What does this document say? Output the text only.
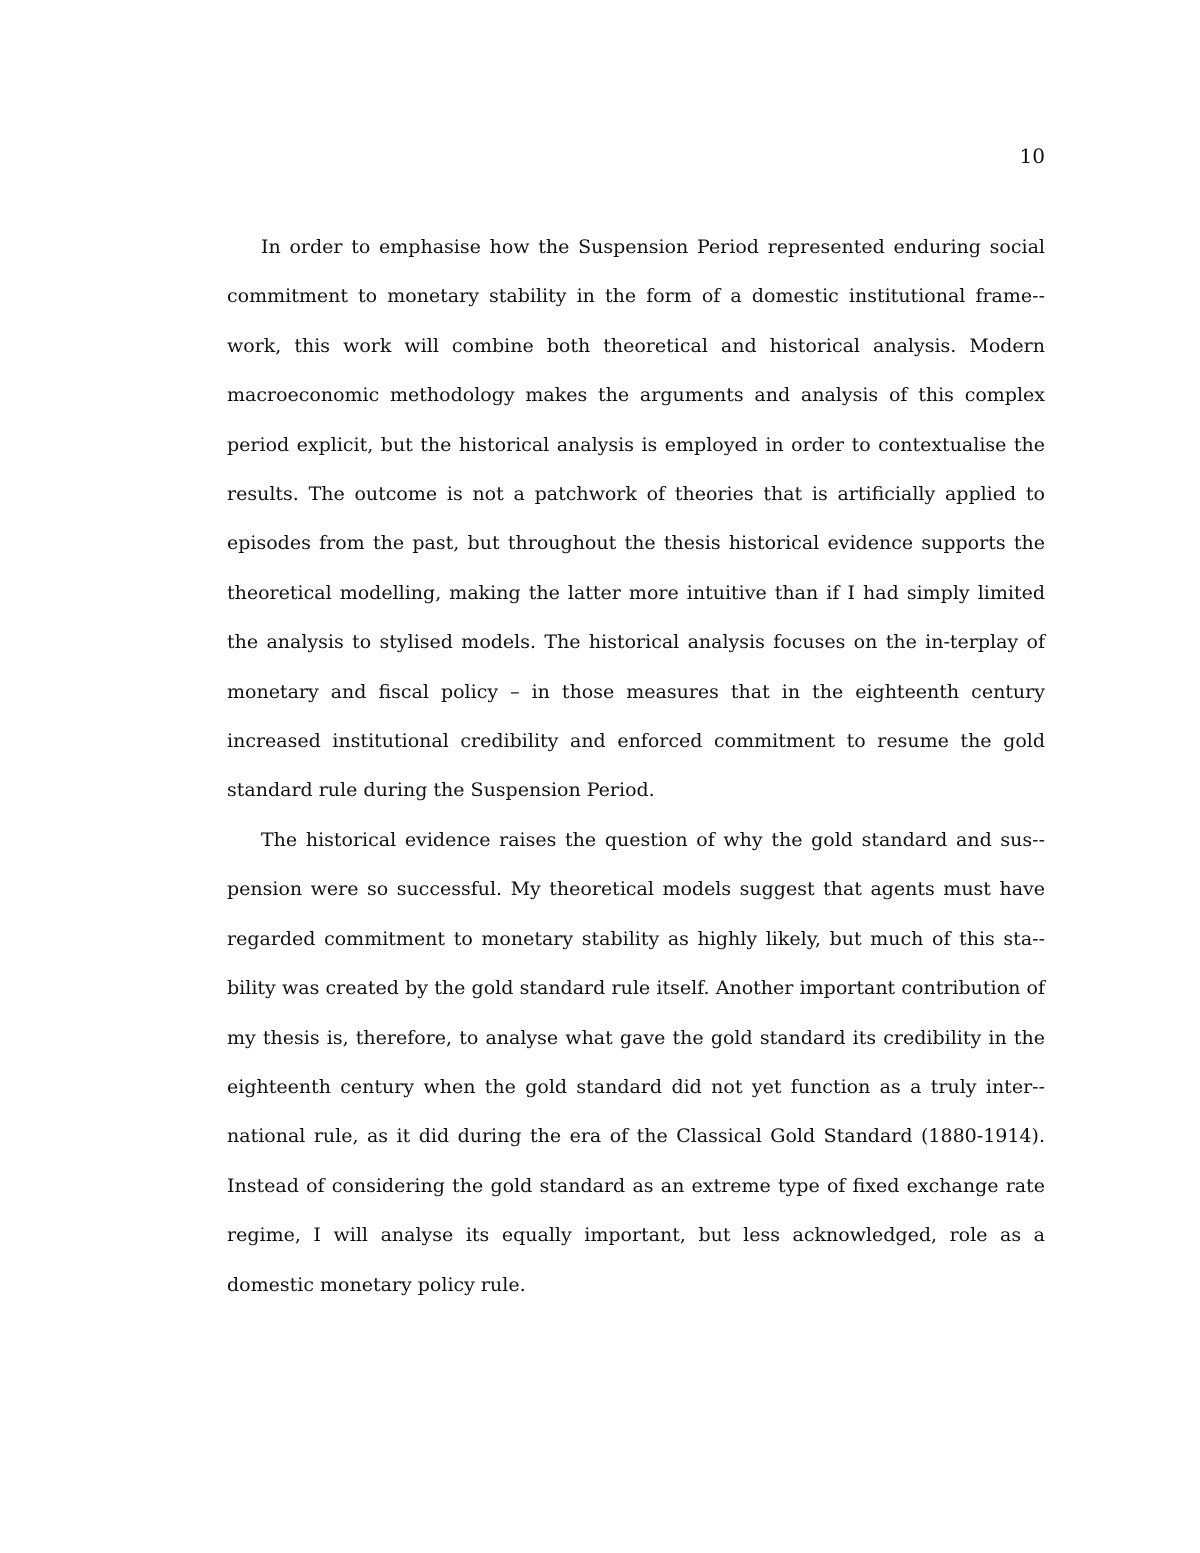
10

In order to emphasise how the Suspension Period represented enduring social commitment to monetary stability in the form of a domestic institutional frame-work, this work will combine both theoretical and historical analysis. Modern macroeconomic methodology makes the arguments and analysis of this complex period explicit, but the historical analysis is employed in order to contextualise the results. The outcome is not a patchwork of theories that is artificially applied to episodes from the past, but throughout the thesis historical evidence supports the theoretical modelling, making the latter more intuitive than if I had simply limited the analysis to stylised models. The historical analysis focuses on the in-terplay of monetary and fiscal policy – in those measures that in the eighteenth century increased institutional credibility and enforced commitment to resume the gold standard rule during the Suspension Period.

The historical evidence raises the question of why the gold standard and sus-pension were so successful. My theoretical models suggest that agents must have regarded commitment to monetary stability as highly likely, but much of this sta-bility was created by the gold standard rule itself. Another important contribution of my thesis is, therefore, to analyse what gave the gold standard its credibility in the eighteenth century when the gold standard did not yet function as a truly inter-national rule, as it did during the era of the Classical Gold Standard (1880-1914). Instead of considering the gold standard as an extreme type of fixed exchange rate regime, I will analyse its equally important, but less acknowledged, role as a domestic monetary policy rule.
